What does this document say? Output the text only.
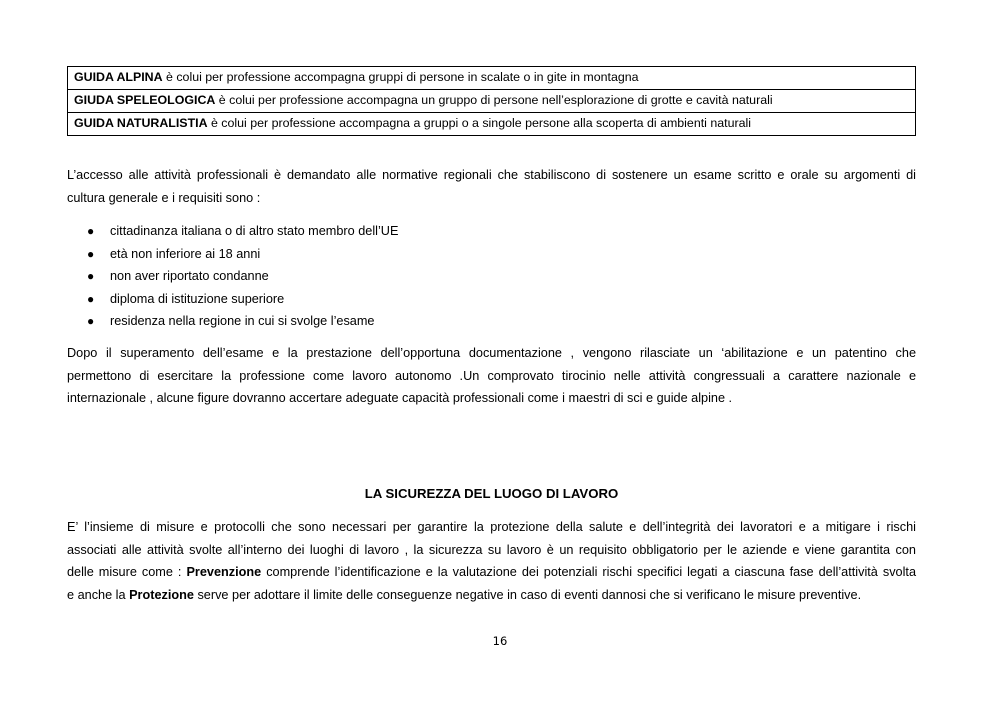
GUIDA ALPINA è colui per professione accompagna gruppi di persone in scalate o in gite in montagna
GIUDA SPELEOLOGICA è colui per professione accompagna un gruppo di persone nell’esplorazione di grotte e cavità naturali
GUIDA NATURALISTIA è colui per professione accompagna a gruppi o a singole persone alla scoperta di ambienti naturali

L’accesso alle attività professionali è demandato alle normative regionali che stabiliscono di sostenere un esame scritto e orale su argomenti di

cultura generale e i requisiti sono :

● cittadinanza italiana o di altro stato membro dell’UE
● età non inferiore ai 18 anni
● non aver riportato condanne
● diploma di istituzione superiore
● residenza nella regione in cui si svolge l’esame

Dopo il superamento dell’esame e la prestazione dell’opportuna documentazione , vengono rilasciate un ‘abilitazione e un patentino che

permettono di esercitare la professione come lavoro autonomo .Un comprovato tirocinio nelle attività congressuali a carattere nazionale e

internazionale , alcune figure dovranno accertare adeguate capacità professionali come i maestri di sci e guide alpine .

LA SICUREZZA DEL LUOGO DI LAVORO

E’ l’insieme di misure e protocolli che sono necessari per garantire la protezione della salute e dell’integrità dei lavoratori e a mitigare i rischi

associati alle attività svolte all’interno dei luoghi di lavoro , la sicurezza su lavoro è un requisito obbligatorio per le aziende e viene garantita con

delle misure come : Prevenzione comprende l’identificazione e la valutazione dei potenziali rischi specifici legati a ciascuna fase dell’attività svolta

e anche la Protezione serve per adottare il limite delle conseguenze negative in caso di eventi dannosi che si verificano le misure preventive.

16
